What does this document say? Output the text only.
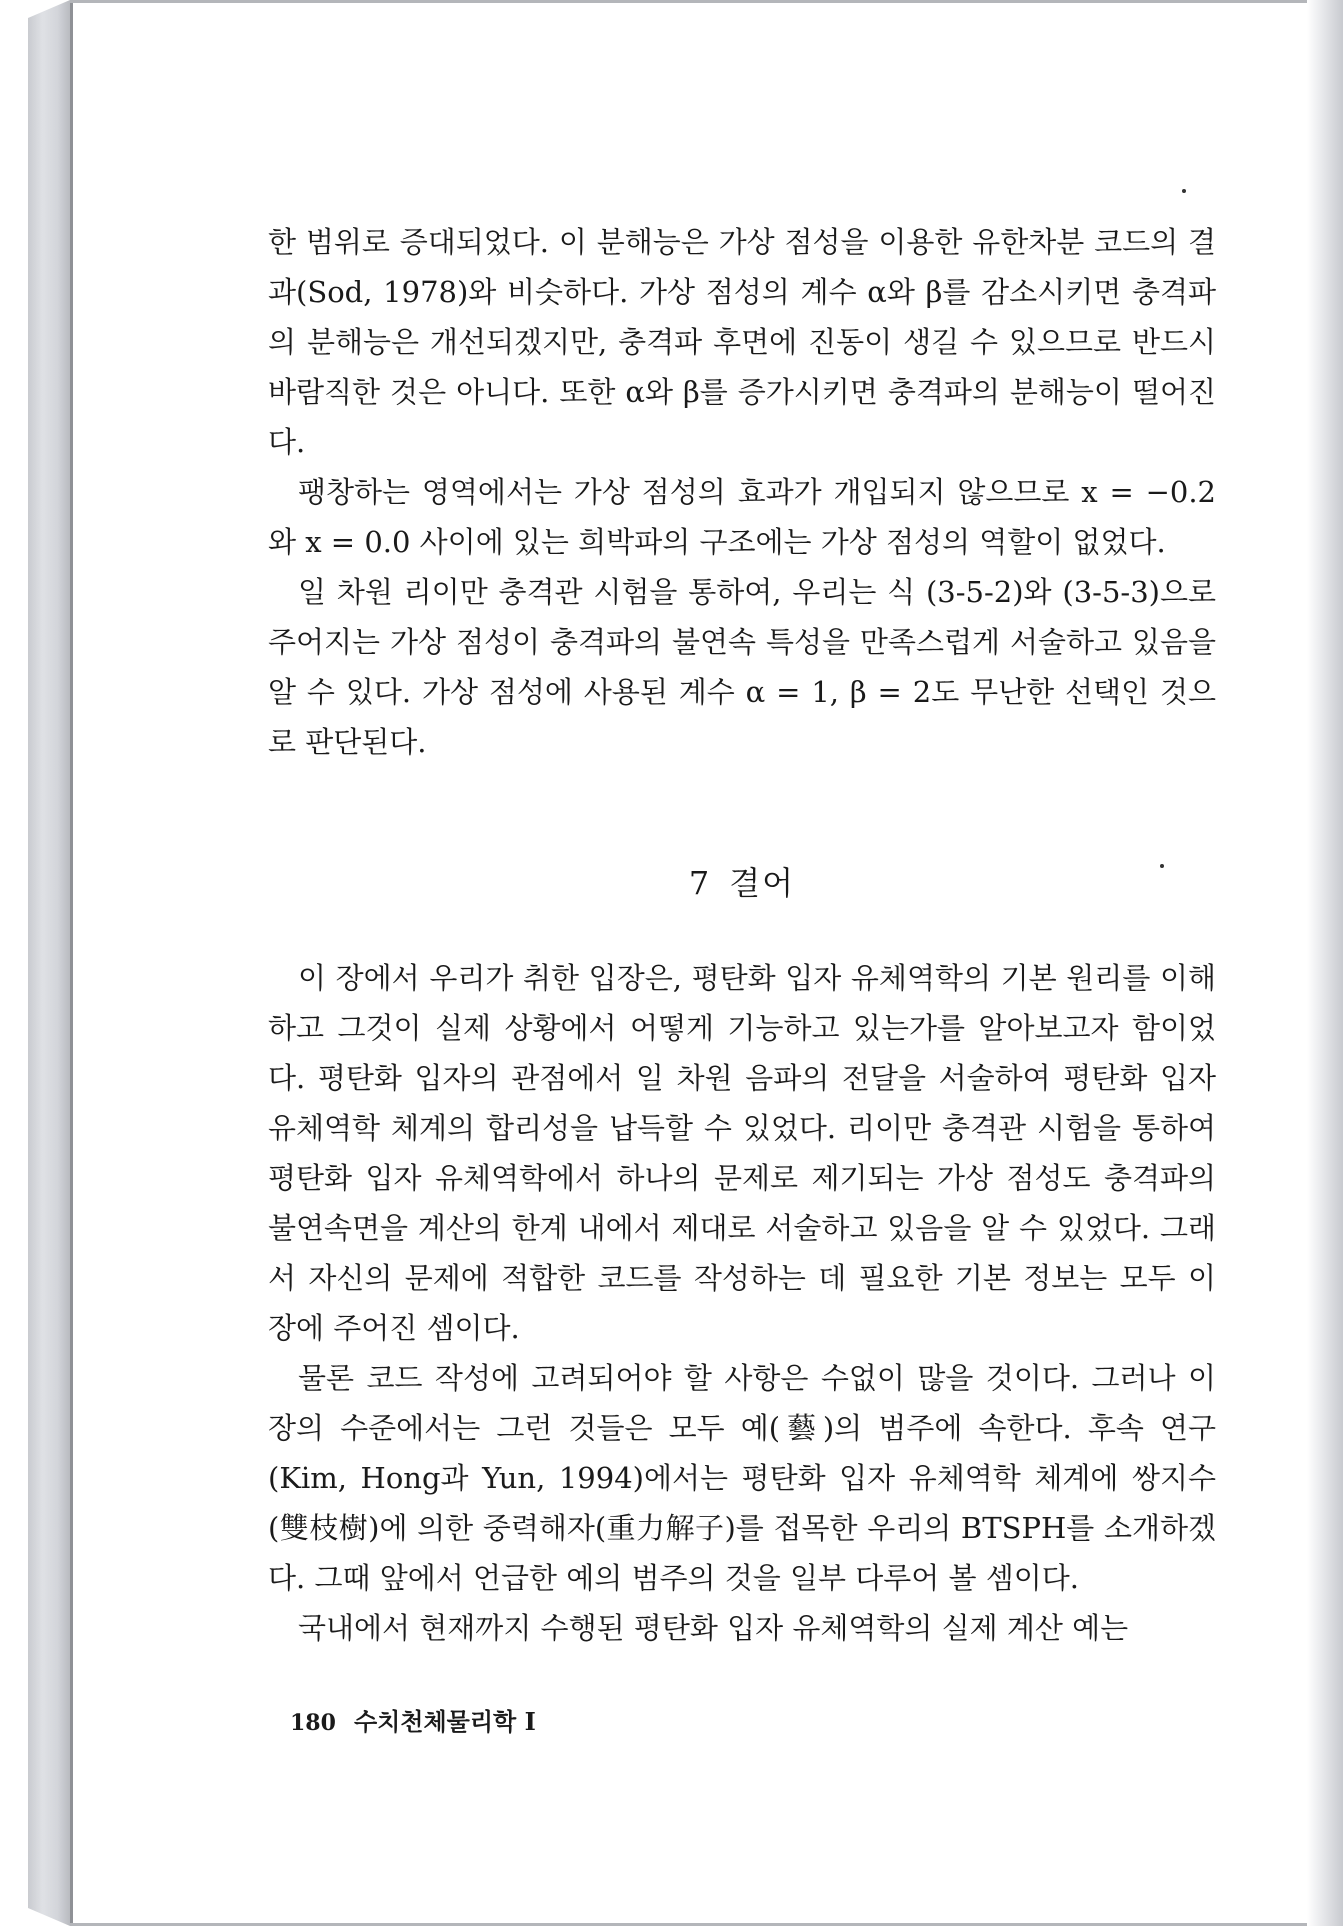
한 범위로 증대되었다. 이 분해능은 가상 점성을 이용한 유한차분 코드의 결과(Sod, 1978)와 비슷하다. 가상 점성의 계수 α와 β를 감소시키면 충격파의 분해능은 개선되겠지만, 충격파 후면에 진동이 생길 수 있으므로 반드시 바람직한 것은 아니다. 또한 α와 β를 증가시키면 충격파의 분해능이 떨어진다.

팽창하는 영역에서는 가상 점성의 효과가 개입되지 않으므로 x = −0.2와 x = 0.0 사이에 있는 희박파의 구조에는 가상 점성의 역할이 없었다.

일 차원 리이만 충격관 시험을 통하여, 우리는 식 (3-5-2)와 (3-5-3)으로 주어지는 가상 점성이 충격파의 불연속 특성을 만족스럽게 서술하고 있음을 알 수 있다. 가상 점성에 사용된 계수 α = 1, β = 2도 무난한 선택인 것으로 판단된다.

7 결어

이 장에서 우리가 취한 입장은, 평탄화 입자 유체역학의 기본 원리를 이해하고 그것이 실제 상황에서 어떻게 기능하고 있는가를 알아보고자 함이었다. 평탄화 입자의 관점에서 일 차원 음파의 전달을 서술하여 평탄화 입자 유체역학 체계의 합리성을 납득할 수 있었다. 리이만 충격관 시험을 통하여 평탄화 입자 유체역학에서 하나의 문제로 제기되는 가상 점성도 충격파의 불연속면을 계산의 한계 내에서 제대로 서술하고 있음을 알 수 있었다. 그래서 자신의 문제에 적합한 코드를 작성하는 데 필요한 기본 정보는 모두 이 장에 주어진 셈이다.

물론 코드 작성에 고려되어야 할 사항은 수없이 많을 것이다. 그러나 이 장의 수준에서는 그런 것들은 모두 예(藝)의 범주에 속한다. 후속 연구(Kim, Hong과 Yun, 1994)에서는 평탄화 입자 유체역학 체계에 쌍지수(雙枝樹)에 의한 중력해자(重力解子)를 접목한 우리의 BTSPH를 소개하겠다. 그때 앞에서 언급한 예의 범주의 것을 일부 다루어 볼 셈이다.

국내에서 현재까지 수행된 평탄화 입자 유체역학의 실제 계산 예는

180 수치천체물리학 I
